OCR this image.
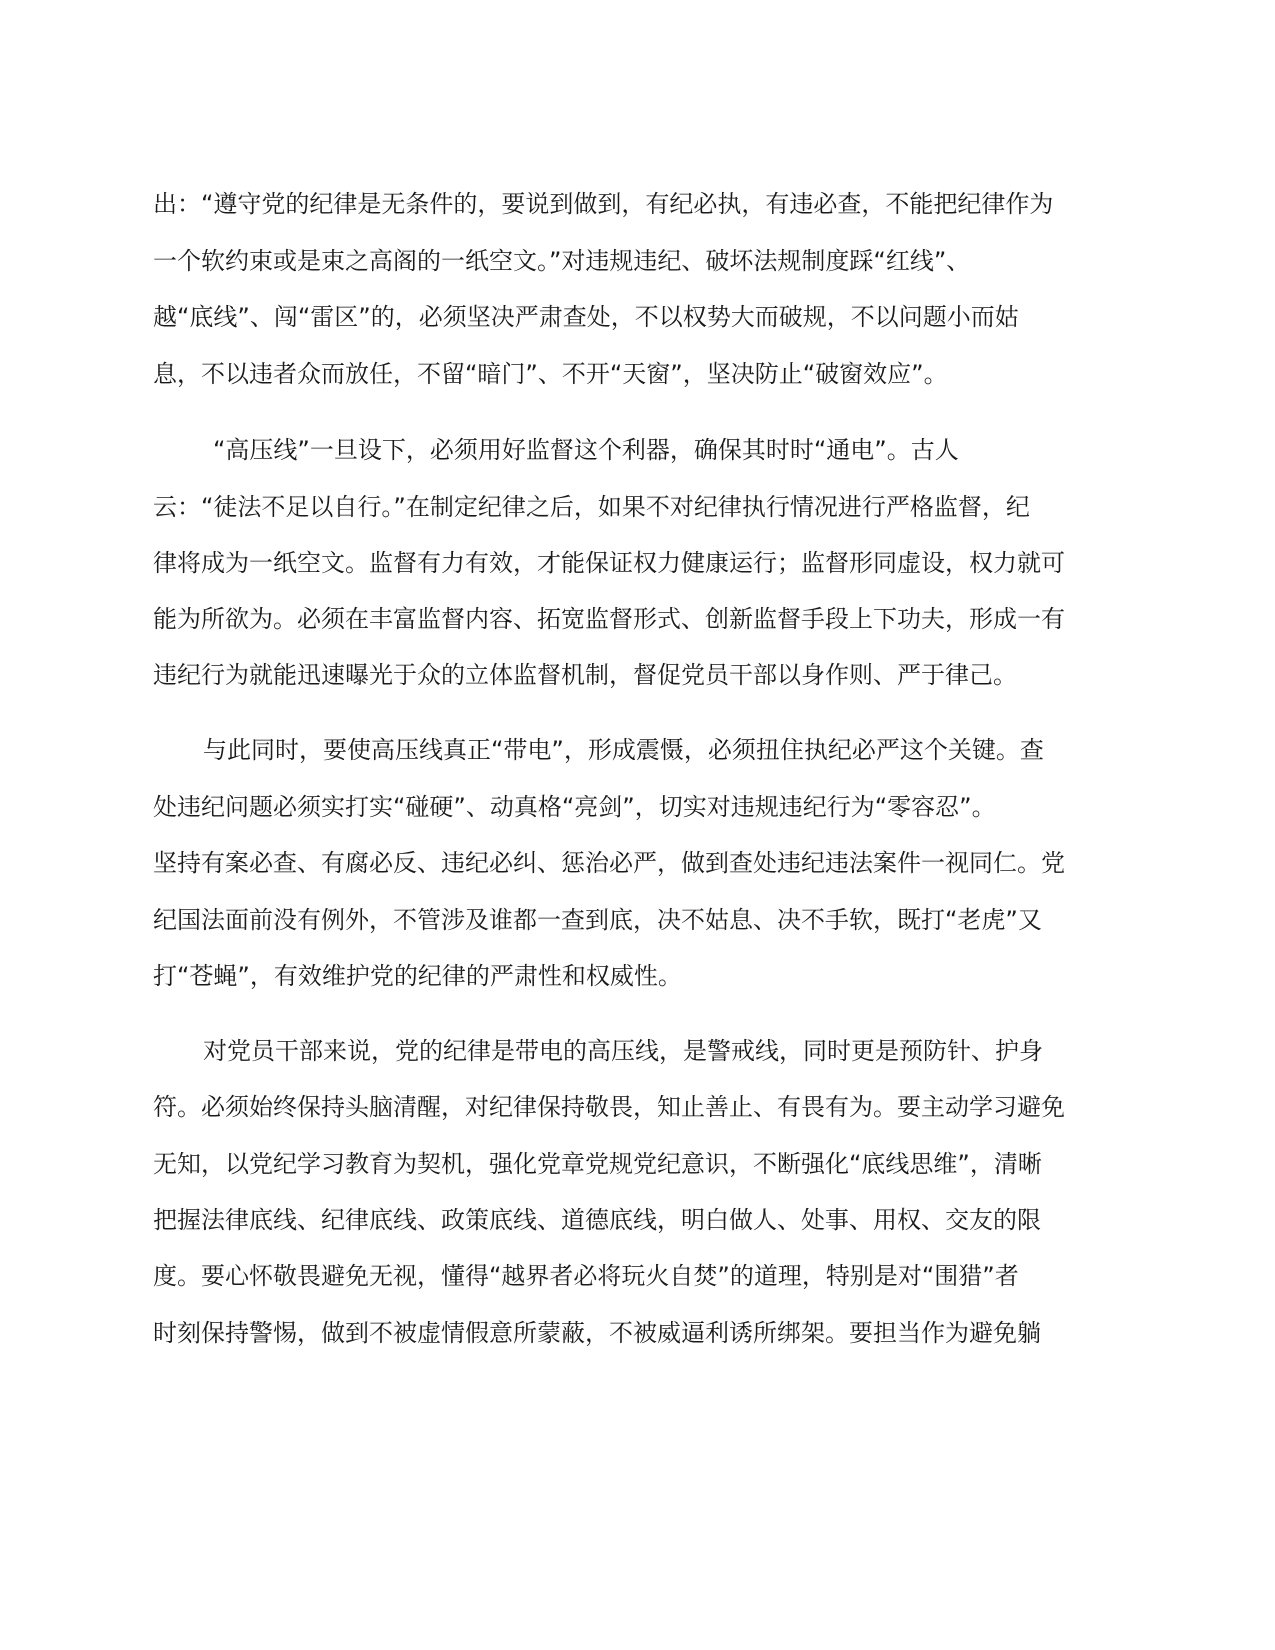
出：“遵守党的纪律是无条件的，要说到做到，有纪必执，有违必查，不能把纪律作为
一个软约束或是束之高阁的一纸空文。”对违规违纪、破坏法规制度踩“红线”、
越“底线”、闯“雷区”的，必须坚决严肃查处，不以权势大而破规，不以问题小而姑
息，不以违者众而放任，不留“暗门”、不开“天窗”，坚决防止“破窗效应”。
“高压线”一旦设下，必须用好监督这个利器，确保其时时“通电”。古人
云：“徒法不足以自行。”在制定纪律之后，如果不对纪律执行情况进行严格监督，纪
律将成为一纸空文。监督有力有效，才能保证权力健康运行；监督形同虚设，权力就可
能为所欲为。必须在丰富监督内容、拓宽监督形式、创新监督手段上下功夫，形成一有
违纪行为就能迅速曝光于众的立体监督机制，督促党员干部以身作则、严于律己。
与此同时，要使高压线真正“带电”，形成震慑，必须扭住执纪必严这个关键。查
处违纪问题必须实打实“碰硬”、动真格“亮剑”，切实对违规违纪行为“零容忍”。
坚持有案必查、有腐必反、违纪必纠、惩治必严，做到查处违纪违法案件一视同仁。党
纪国法面前没有例外，不管涉及谁都一查到底，决不姑息、决不手软，既打“老虎”又
打“苍蝇”，有效维护党的纪律的严肃性和权威性。
对党员干部来说，党的纪律是带电的高压线，是警戒线，同时更是预防针、护身
符。必须始终保持头脑清醒，对纪律保持敬畏，知止善止、有畏有为。要主动学习避免
无知，以党纪学习教育为契机，强化党章党规党纪意识，不断强化“底线思维”，清晰
把握法律底线、纪律底线、政策底线、道德底线，明白做人、处事、用权、交友的限
度。要心怀敬畏避免无视，懂得“越界者必将玩火自焚”的道理，特别是对“围猎”者
时刻保持警惕，做到不被虚情假意所蒙蔽，不被威逼利诱所绑架。要担当作为避免躺
